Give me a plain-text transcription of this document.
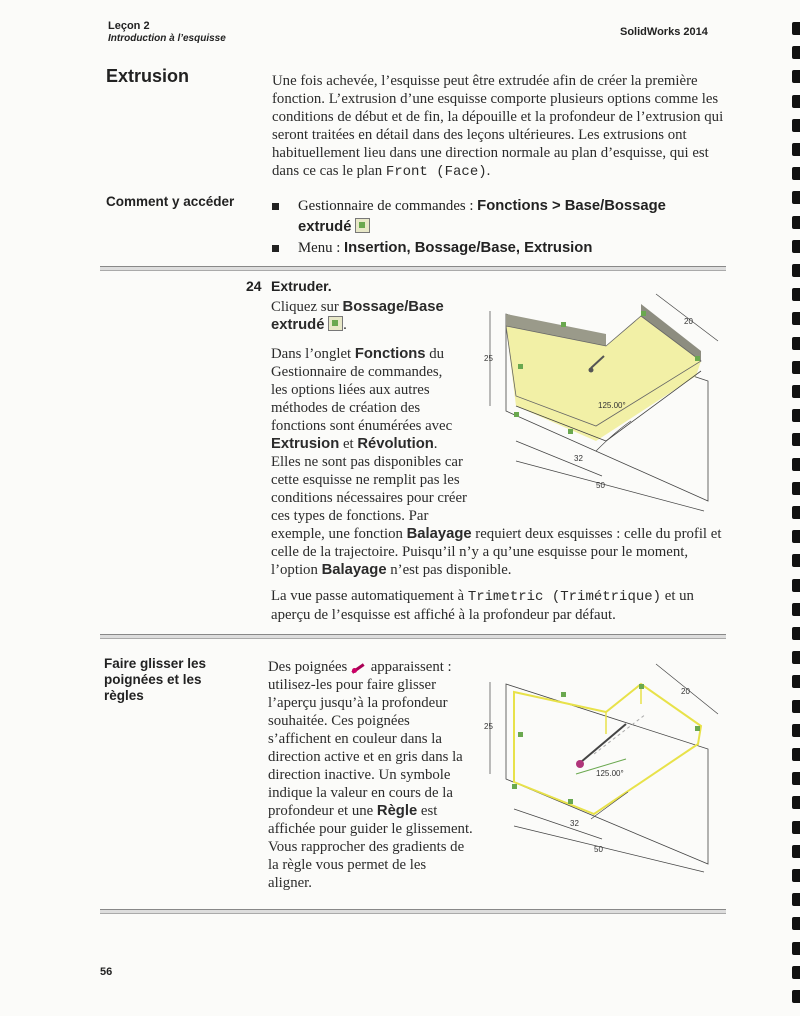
Leçon 2
Introduction à l’esquisse
SolidWorks 2014
Extrusion	Une fois achevée, l’esquisse peut être extrudée afin de créer la première fonction. L’extrusion d’une esquisse comporte plusieurs options comme les conditions de début et de fin, la dépouille et la profondeur de l’extrusion qui seront traitées en détail dans des leçons ultérieures. Les extrusions ont habituellement lieu dans une direction normale au plan d’esquisse, qui est dans ce cas le plan Front (Face).
Comment y accéder	Gestionnaire de commandes : Fonctions > Base/Bossage
extrudé
Menu : Insertion, Bossage/Base, Extrusion
24 Extruder.
Cliquez sur Bossage/Base
extrudé .
Dans l’onglet Fonctions du Gestionnaire de commandes, les options liées aux autres méthodes de création des fonctions sont énumérées avec Extrusion et Révolution.
Elles ne sont pas disponibles car cette esquisse ne remplit pas les conditions nécessaires pour créer ces types de fonctions. Par
exemple, une fonction Balayage requiert deux esquisses : celle du profil et celle de la trajectoire. Puisqu’il n’y a qu’une esquisse pour le moment, l’option Balayage n’est pas disponible.
La vue passe automatiquement à Trimetric (Trimétrique) et un aperçu de l’esquisse est affiché à la profondeur par défaut.
25
20
125.00°
32
50
Faire glisser les poignées et les règles
Des poignées apparaissent : utilisez-les pour faire glisser l’aperçu jusqu’à la profondeur souhaitée. Ces poignées s’affichent en couleur dans la direction active et en gris dans la direction inactive. Un symbole indique la valeur en cours de la profondeur et une Règle est affichée pour guider le glissement. Vous rapprocher des gradients de la règle vous permet de les aligner.
25
20
125.00°
32
50
56
